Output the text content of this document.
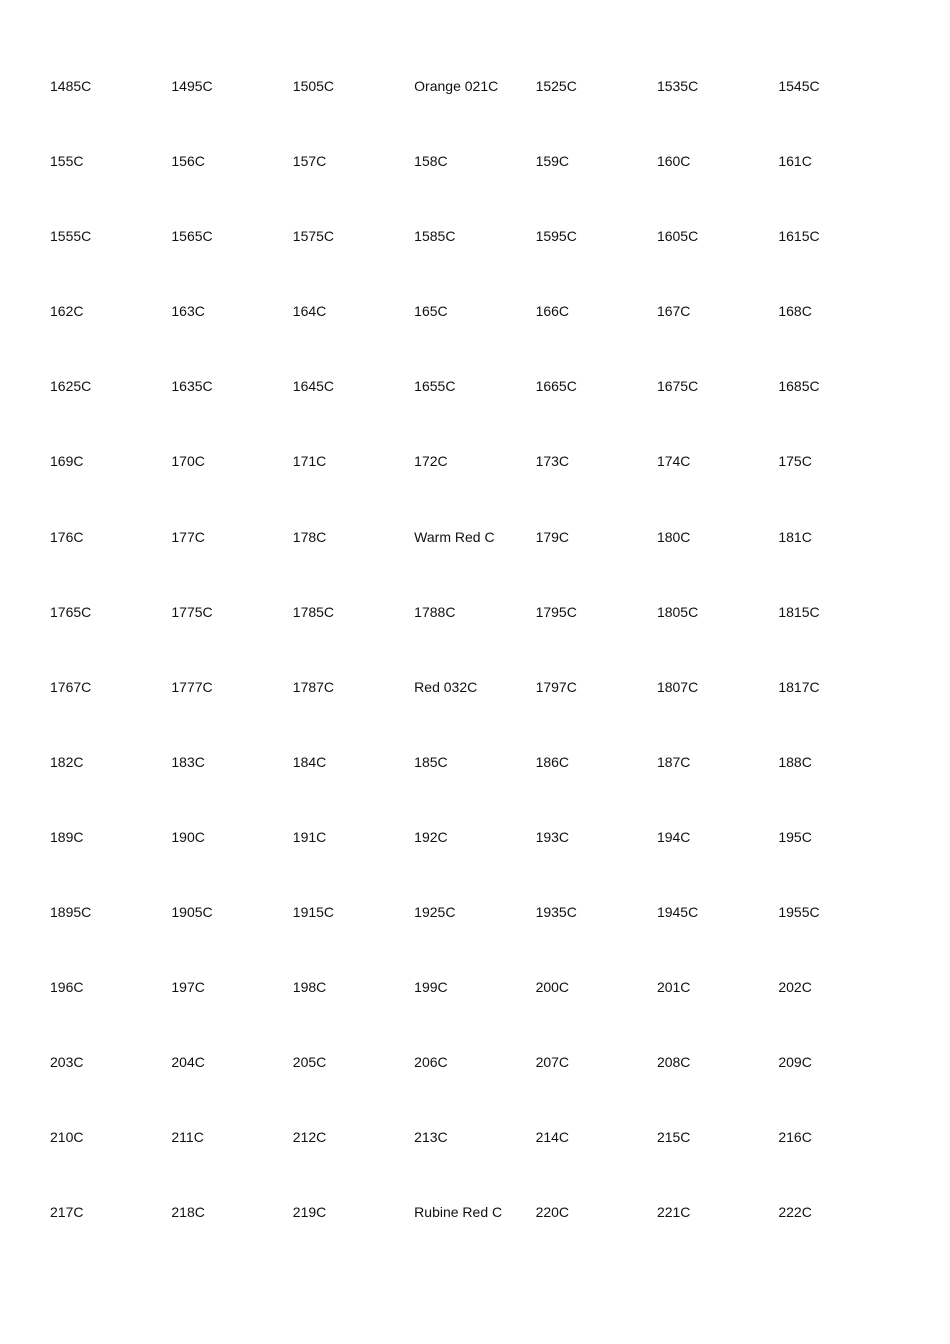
1485C	1495C	1505C	Orange 021C	1525C	1535C	1545C
155C	156C	157C	158C	159C	160C	161C
1555C	1565C	1575C	1585C	1595C	1605C	1615C
162C	163C	164C	165C	166C	167C	168C
1625C	1635C	1645C	1655C	1665C	1675C	1685C
169C	170C	171C	172C	173C	174C	175C
176C	177C	178C	Warm Red C	179C	180C	181C
1765C	1775C	1785C	1788C	1795C	1805C	1815C
1767C	1777C	1787C	Red 032C	1797C	1807C	1817C
182C	183C	184C	185C	186C	187C	188C
189C	190C	191C	192C	193C	194C	195C
1895C	1905C	1915C	1925C	1935C	1945C	1955C
196C	197C	198C	199C	200C	201C	202C
203C	204C	205C	206C	207C	208C	209C
210C	211C	212C	213C	214C	215C	216C
217C	218C	219C	Rubine Red C	220C	221C	222C
